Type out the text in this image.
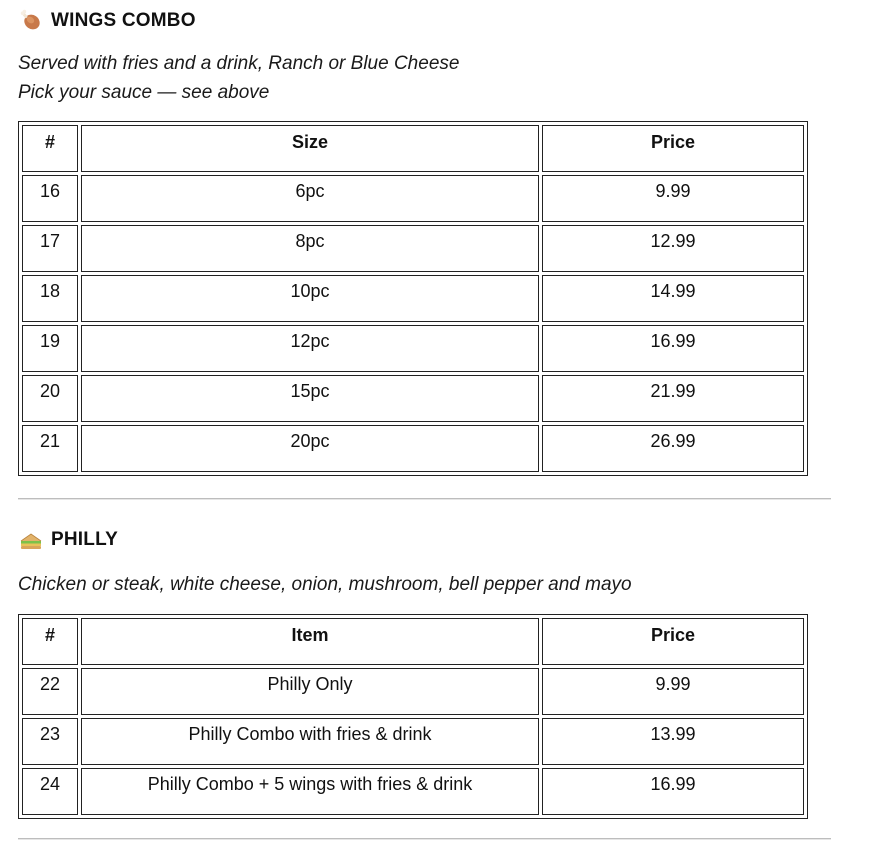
WINGS COMBO
Served with fries and a drink, Ranch or Blue Cheese
Pick your sauce — see above
#	Size	Price
16	6pc	9.99
17	8pc	12.99
18	10pc	14.99
19	12pc	16.99
20	15pc	21.99
21	20pc	26.99
PHILLY
Chicken or steak, white cheese, onion, mushroom, bell pepper and mayo
#	Item	Price
22	Philly Only	9.99
23	Philly Combo with fries & drink	13.99
24	Philly Combo + 5 wings with fries & drink	16.99
